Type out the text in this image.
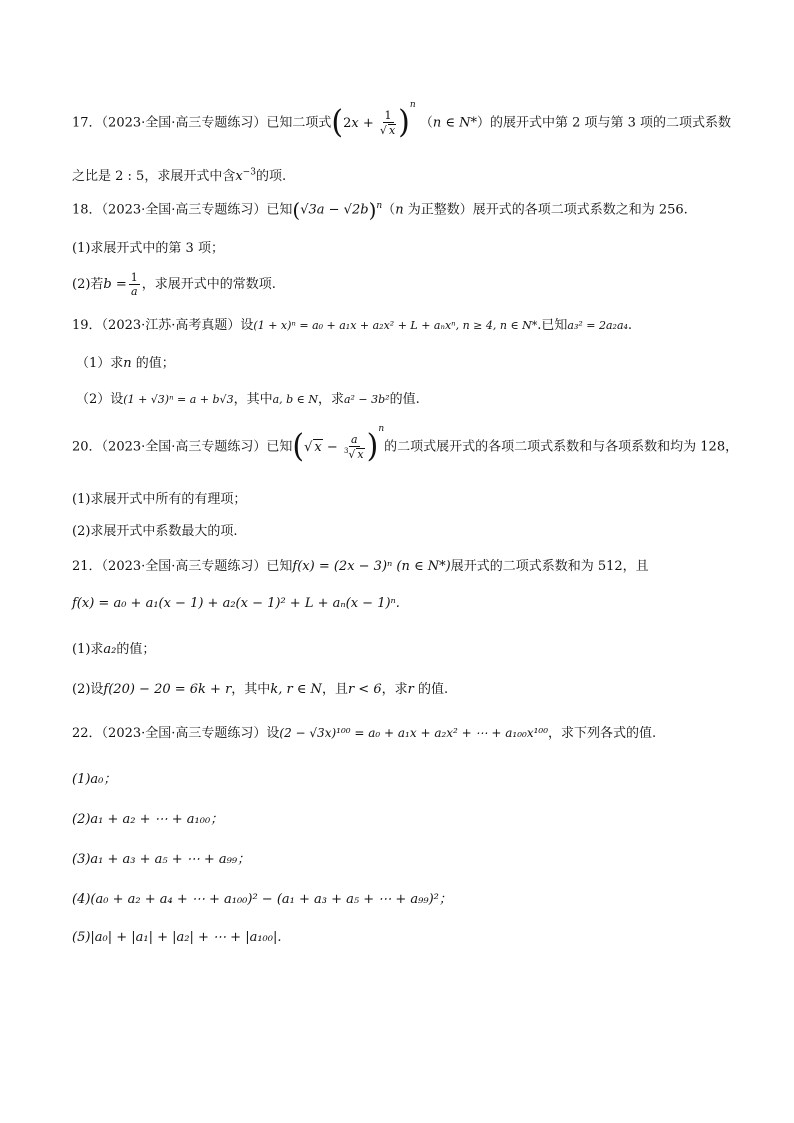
17．（2023·全国·高三专题练习）已知二项式$(2x + \frac{1}{√ x} )^n$ （n ∈ N*）的展开式中第 2 项与第 3 项的二项式系数
之比是 2 : 5，求展开式中含$x^{-3}$的项.
18．（2023·全国·高三专题练习）已知$(√3a - √2b)^n(n$ 为正整数）展开式的各项二项式系数之和为 256.
(1)求展开式中的第 3 项；
(2)若$b = \frac{1}{a}$ ，求展开式中的常数项.
19．（2023·江苏·高考真题）设(1 + x)ⁿ = a₀ + a₁x + a₂x² + L + aₙxⁿ, n ≥ 4, n ∈ N*.已知a₃² = 2a₂a₄.
（1）求n 的值；
（2）设(1 + √3)ⁿ = a + b√3，其中a, b ∈ N，求a² − 3b²的值.
20．（2023·全国·高三专题练习）已知(√ $x - \frac{a}{^3√ x} )^n$的二项式展开式的各项二项式系数和与各项系数和均为 128，
(1)求展开式中所有的有理项；
(2)求展开式中系数最大的项.
21．（2023·全国·高三专题练习）已知f(x) = (2x − 3)ⁿ (n ∈ N*)展开式的二项式系数和为 512，且
f(x) = a₀ + a₁(x − 1) + a₂(x − 1)² + L + aₙ(x − 1)ⁿ.
(1)求a₂的值；
(2)设f(20) − 20 = 6k + r，其中k, r ∈ N，且r < 6，求r 的值.
22．（2023·全国·高三专题练习）设(2 − √3x)¹⁰⁰ = a₀ + a₁x + a₂x² + ⋯ + a₁₀₀x¹⁰⁰，求下列各式的值.
(1)a₀；
(2)a₁ + a₂ + ⋯ + a₁₀₀；
(3)a₁ + a₃ + a₅ + ⋯ + a₉₉；
(4)(a₀ + a₂ + a₄ + ⋯ + a₁₀₀)² − (a₁ + a₃ + a₅ + ⋯ + a₉₉)²；
(5)|a₀| + |a₁| + |a₂| + ⋯ + |a₁₀₀|.
